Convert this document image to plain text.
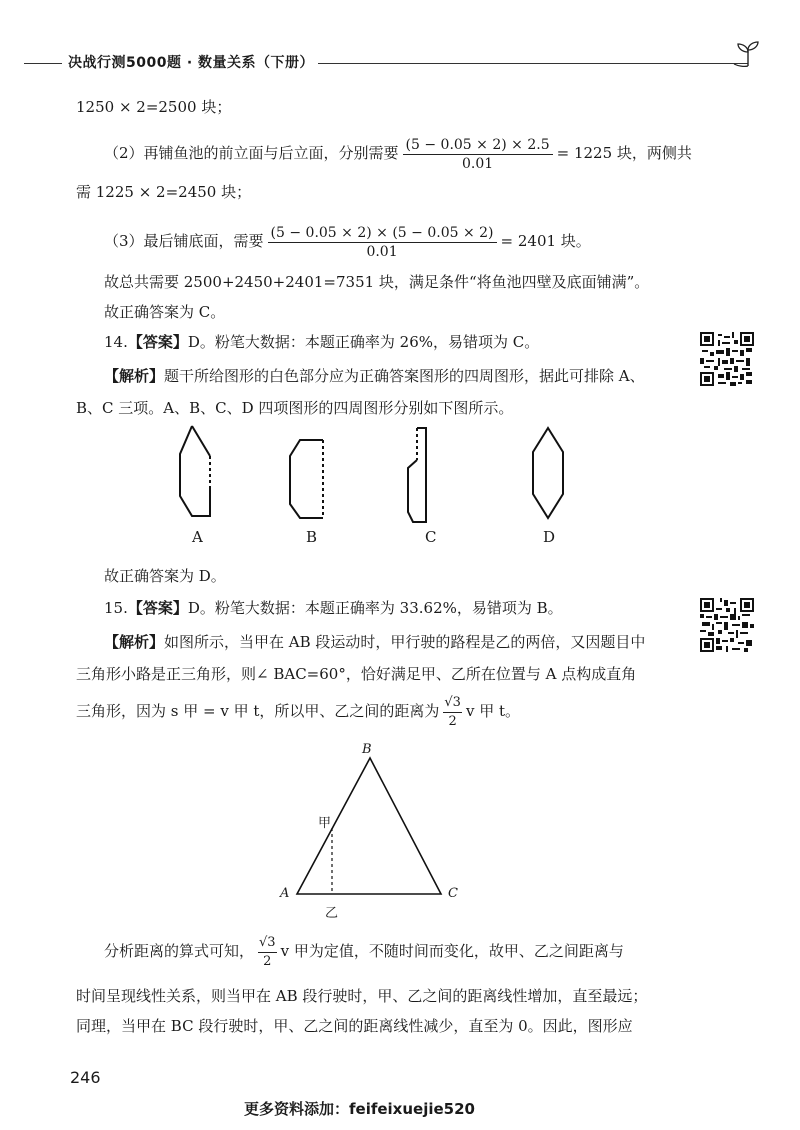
决战行测5000题 · 数量关系（下册）
1250 × 2=2500 块；
（2）再铺鱼池的前立面与后立面，分别需要 $\frac{(5 - 0.05 \times 2) \times 2.5}{0.01} = 1225$ 块，两侧共
需 1225 × 2=2450 块；
（3）最后铺底面，需要 $\frac{(5 - 0.05 \times 2) \times (5 - 0.05 \times 2)}{0.01} = 2401$ 块。
故总共需要 2500+2450+2401=7351 块，满足条件“将鱼池四壁及底面铺满”。
故正确答案为 C。
14.【答案】D。粉笔大数据：本题正确率为 26%，易错项为 C。
【解析】题干所给图形的白色部分应为正确答案图形的四周图形，据此可排除 A、
B、C 三项。A、B、C、D 四项图形的四周图形分别如下图所示。
A	B	C	D
故正确答案为 D。
15.【答案】D。粉笔大数据：本题正确率为 33.62%，易错项为 B。
【解析】如图所示，当甲在 AB 段运动时，甲行驶的路程是乙的两倍，又因题目中
三角形小路是正三角形，则∠ BAC=60°，恰好满足甲、乙所在位置与 A 点构成直角
三角形，因为 s 甲 = v 甲 t，所以甲、乙之间的距离为 $\frac{√3}{2}$ v 甲 t。
B
甲
A	C
乙
分析距离的算式可知， $\frac{√3}{2}$ v 甲为定值，不随时间而变化，故甲、乙之间距离与
时间呈现线性关系，则当甲在 AB 段行驶时，甲、乙之间的距离线性增加，直至最远；
同理，当甲在 BC 段行驶时，甲、乙之间的距离线性减少，直至为 0。因此，图形应
246
更多资料添加：feifeixuejie520
